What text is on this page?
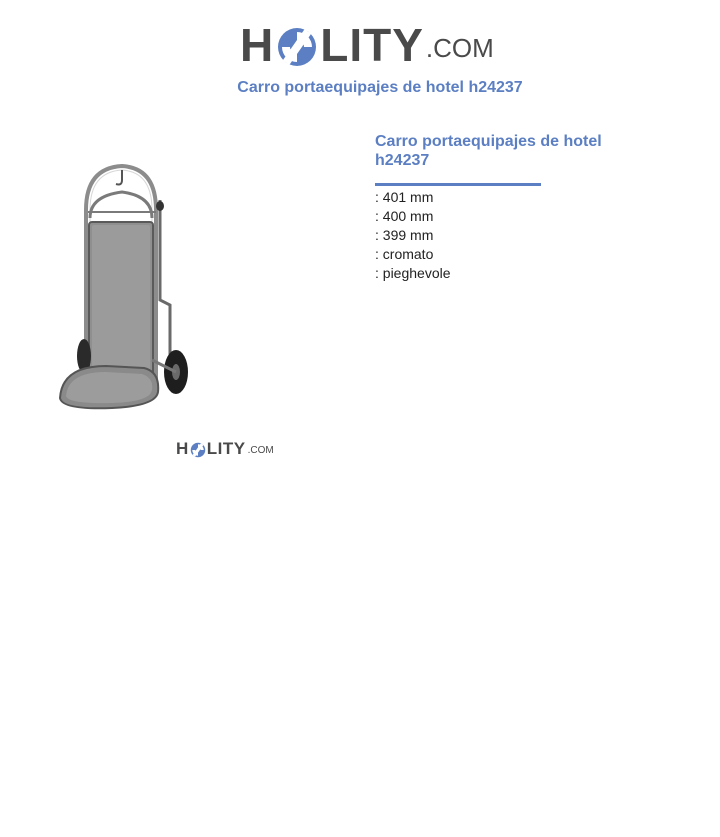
H LITY .COM
Carro portaequipajes de hotel h24237
H LITY .COM
Carro portaequipajes de hotel h24237
: 401 mm
: 400 mm
: 399 mm
: cromato
: pieghevole
